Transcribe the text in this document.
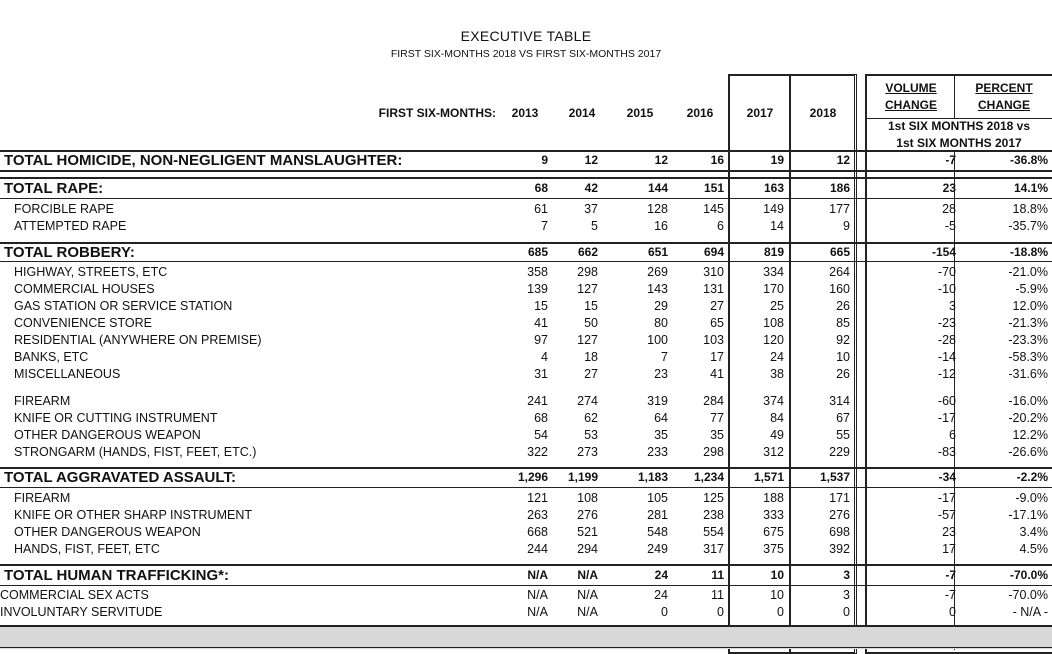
EXECUTIVE TABLE
FIRST SIX-MONTHS 2018 VS FIRST SIX-MONTHS 2017
FIRST SIX-MONTHS:	2013	2014	2015	2016	2017	2018
VOLUME
CHANGE
PERCENT
CHANGE
1st SIX MONTHS 2018 vs
1st SIX MONTHS 2017
TOTAL HOMICIDE, NON-NEGLIGENT MANSLAUGHTER:	9	12	12	16	19	12	-7	-36.8%
TOTAL RAPE:	68	42	144	151	163	186	23	14.1%
FORCIBLE RAPE	61	37	128	145	149	177	28	18.8%
ATTEMPTED RAPE	7	5	16	6	14	9	-5	-35.7%
TOTAL ROBBERY:	685	662	651	694	819	665	-154	-18.8%
HIGHWAY, STREETS, ETC	358	298	269	310	334	264	-70	-21.0%
COMMERCIAL HOUSES	139	127	143	131	170	160	-10	-5.9%
GAS STATION OR SERVICE STATION	15	15	29	27	25	26	3	12.0%
CONVENIENCE STORE	41	50	80	65	108	85	-23	-21.3%
RESIDENTIAL (ANYWHERE ON PREMISE)	97	127	100	103	120	92	-28	-23.3%
BANKS, ETC	4	18	7	17	24	10	-14	-58.3%
MISCELLANEOUS	31	27	23	41	38	26	-12	-31.6%
FIREARM	241	274	319	284	374	314	-60	-16.0%
KNIFE OR CUTTING INSTRUMENT	68	62	64	77	84	67	-17	-20.2%
OTHER DANGEROUS WEAPON	54	53	35	35	49	55	6	12.2%
STRONGARM (HANDS, FIST, FEET, ETC.)	322	273	233	298	312	229	-83	-26.6%
TOTAL AGGRAVATED ASSAULT:	1,296	1,199	1,183	1,234	1,571	1,537	-34	-2.2%
FIREARM	121	108	105	125	188	171	-17	-9.0%
KNIFE OR OTHER SHARP INSTRUMENT	263	276	281	238	333	276	-57	-17.1%
OTHER DANGEROUS WEAPON	668	521	548	554	675	698	23	3.4%
HANDS, FIST, FEET, ETC	244	294	249	317	375	392	17	4.5%
TOTAL HUMAN TRAFFICKING*:	N/A	N/A	24	11	10	3	-7	-70.0%
COMMERCIAL SEX ACTS	N/A	N/A	24	11	10	3	-7	-70.0%
INVOLUNTARY SERVITUDE	N/A	N/A	0	0	0	0	0	- N/A -
